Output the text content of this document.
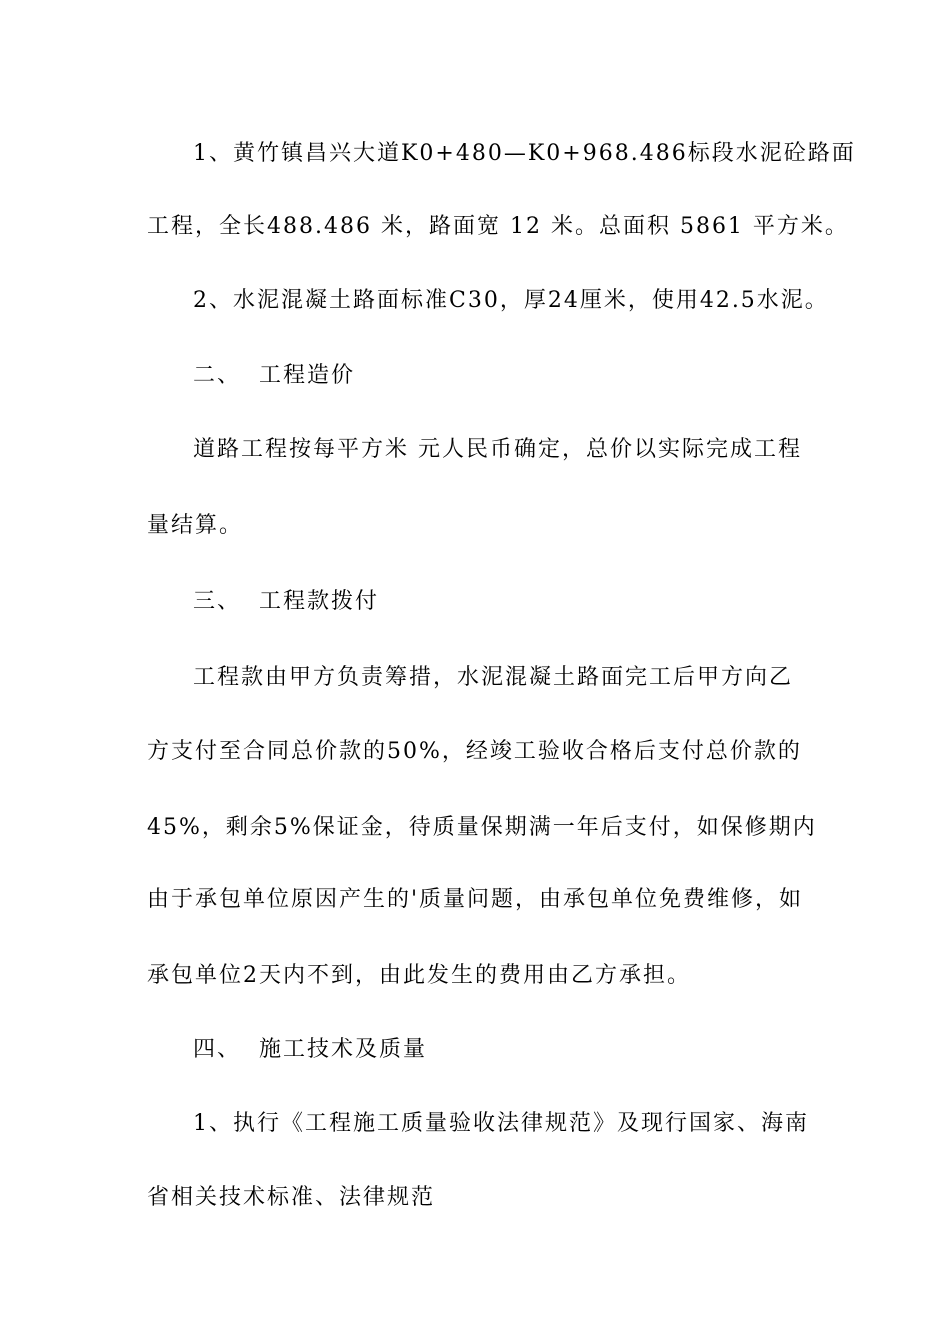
1、黄竹镇昌兴大道K0+480—K0+968.486标段水泥砼路面
工程，全长488.486 米，路面宽 12 米。总面积 5861 平方米。
2、水泥混凝土路面标准C30，厚24厘米，使用42.5水泥。
二、  工程造价
道路工程按每平方米 元人民币确定，总价以实际完成工程
量结算。
三、  工程款拨付
工程款由甲方负责筹措，水泥混凝土路面完工后甲方向乙
方支付至合同总价款的50%，经竣工验收合格后支付总价款的
45%，剩余5%保证金，待质量保期满一年后支付，如保修期内
由于承包单位原因产生的'质量问题，由承包单位免费维修，如
承包单位2天内不到，由此发生的费用由乙方承担。
四、  施工技术及质量
1、执行《工程施工质量验收法律规范》及现行国家、海南
省相关技术标准、法律规范
